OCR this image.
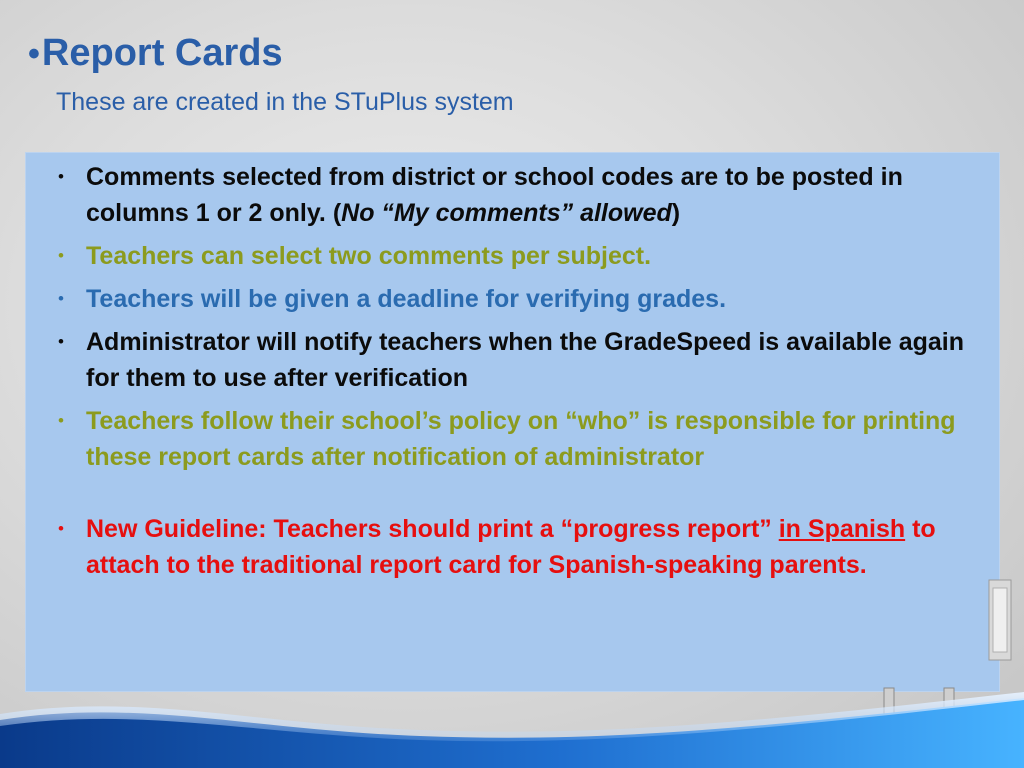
•Report Cards
These are created in the STuPlus system
• Comments selected from district or school codes are to be posted in columns 1 or 2 only. (No “My comments” allowed)
• Teachers can select two comments per subject.
• Teachers will be given a deadline for verifying grades.
• Administrator will notify teachers when the GradeSpeed is available again for them to use after verification
• Teachers follow their school’s policy on “who” is responsible for printing these report cards after notification of administrator
• New Guideline: Teachers should print a “progress report” in Spanish to attach to the traditional report card for Spanish-speaking parents.
